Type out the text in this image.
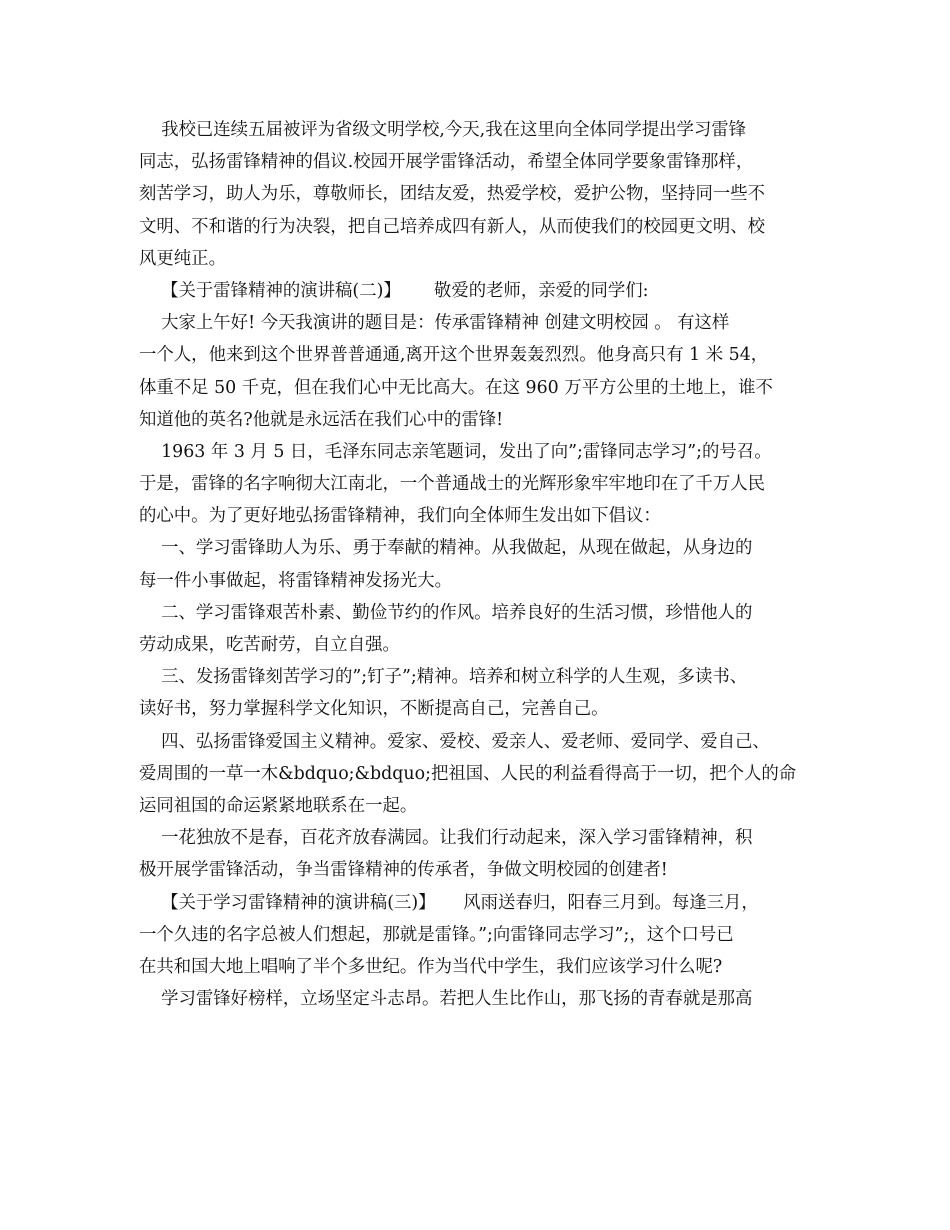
我校已连续五届被评为省级文明学校,今天,我在这里向全体同学提出学习雷锋
同志，弘扬雷锋精神的倡议.校园开展学雷锋活动，希望全体同学要象雷锋那样，
刻苦学习，助人为乐，尊敬师长，团结友爱，热爱学校，爱护公物，坚持同一些不
文明、不和谐的行为决裂，把自己培养成四有新人，从而使我们的校园更文明、校
风更纯正。
【关于雷锋精神的演讲稿(二)】      敬爱的老师，亲爱的同学们:
大家上午好! 今天我演讲的题目是：传承雷锋精神 创建文明校园 。 有这样
一个人，他来到这个世界普普通通,离开这个世界轰轰烈烈。他身高只有 1 米 54，
体重不足 50 千克，但在我们心中无比高大。在这 960 万平方公里的土地上，谁不
知道他的英名?他就是永远活在我们心中的雷锋!
1963 年 3 月 5 日，毛泽东同志亲笔题词，发出了向”;雷锋同志学习”;的号召。
于是，雷锋的名字响彻大江南北，一个普通战士的光辉形象牢牢地印在了千万人民
的心中。为了更好地弘扬雷锋精神，我们向全体师生发出如下倡议：
一、学习雷锋助人为乐、勇于奉献的精神。从我做起，从现在做起，从身边的
每一件小事做起，将雷锋精神发扬光大。
二、学习雷锋艰苦朴素、勤俭节约的作风。培养良好的生活习惯，珍惜他人的
劳动成果，吃苦耐劳，自立自强。
三、发扬雷锋刻苦学习的”;钉子”;精神。培养和树立科学的人生观，多读书、
读好书，努力掌握科学文化知识，不断提高自己，完善自己。
四、弘扬雷锋爱国主义精神。爱家、爱校、爱亲人、爱老师、爱同学、爱自己、
爱周围的一草一木&bdquo;&bdquo;把祖国、人民的利益看得高于一切，把个人的命
运同祖国的命运紧紧地联系在一起。
一花独放不是春，百花齐放春满园。让我们行动起来，深入学习雷锋精神，积
极开展学雷锋活动，争当雷锋精神的传承者，争做文明校园的创建者!
【关于学习雷锋精神的演讲稿(三)】     风雨送春归，阳春三月到。每逢三月，
一个久违的名字总被人们想起，那就是雷锋。”;向雷锋同志学习”;，这个口号已
在共和国大地上唱响了半个多世纪。作为当代中学生，我们应该学习什么呢?
学习雷锋好榜样，立场坚定斗志昂。若把人生比作山，那飞扬的青春就是那高
